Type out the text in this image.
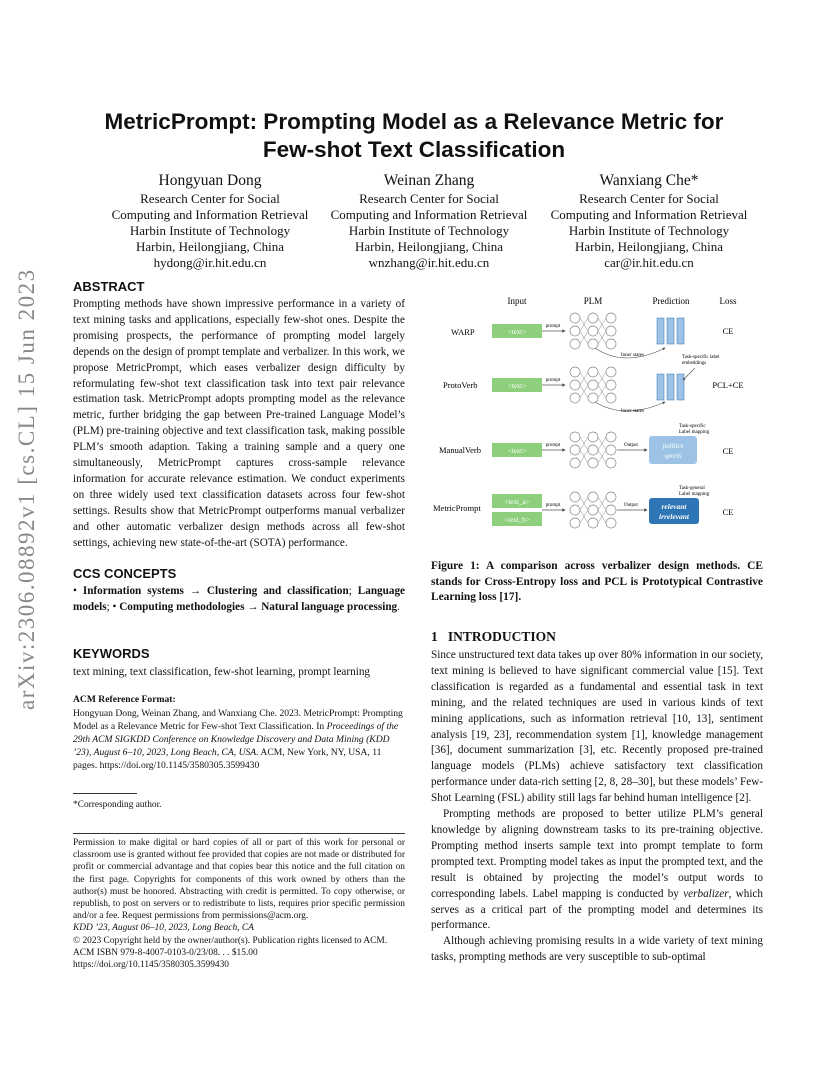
arXiv:2306.08892v1 [cs.CL] 15 Jun 2023
MetricPrompt: Prompting Model as a Relevance Metric for
Few-shot Text Classification
Hongyuan Dong
Research Center for Social
Computing and Information Retrieval
Harbin Institute of Technology
Harbin, Heilongjiang, China
hydong@ir.hit.edu.cn
Weinan Zhang
Research Center for Social
Computing and Information Retrieval
Harbin Institute of Technology
Harbin, Heilongjiang, China
wnzhang@ir.hit.edu.cn
Wanxiang Che*
Research Center for Social
Computing and Information Retrieval
Harbin Institute of Technology
Harbin, Heilongjiang, China
car@ir.hit.edu.cn
ABSTRACT
Prompting methods have shown impressive performance in a variety of text mining tasks and applications, especially few-shot ones. Despite the promising prospects, the performance of prompting model largely depends on the design of prompt template and verbalizer. In this work, we propose MetricPrompt, which eases verbalizer design difficulty by reformulating few-shot text classification task into text pair relevance estimation task. MetricPrompt adopts prompting model as the relevance metric, further bridging the gap between Pre-trained Language Model’s (PLM) pre-training objective and text classification task, making possible PLM’s smooth adaption. Taking a training sample and a query one simultaneously, MetricPrompt captures cross-sample relevance information for accurate relevance estimation. We conduct experiments on three widely used text classification datasets across four few-shot settings. Results show that MetricPrompt outperforms manual verbalizer and other automatic verbalizer design methods across all few-shot settings, achieving new state-of-the-art (SOTA) performance.
CCS CONCEPTS
• Information systems → Clustering and classification; Language models; • Computing methodologies → Natural language processing.
KEYWORDS
text mining, text classification, few-shot learning, prompt learning
ACM Reference Format:
Hongyuan Dong, Weinan Zhang, and Wanxiang Che. 2023. MetricPrompt: Prompting Model as a Relevance Metric for Few-shot Text Classification. In Proceedings of the 29th ACM SIGKDD Conference on Knowledge Discovery and Data Mining (KDD ’23), August 6–10, 2023, Long Beach, CA, USA. ACM, New York, NY, USA, 11 pages. https://doi.org/10.1145/3580305.3599430
*Corresponding author.
Permission to make digital or hard copies of all or part of this work for personal or classroom use is granted without fee provided that copies are not made or distributed for profit or commercial advantage and that copies bear this notice and the full citation on the first page. Copyrights for components of this work owned by others than the author(s) must be honored. Abstracting with credit is permitted. To copy otherwise, or republish, to post on servers or to redistribute to lists, requires prior specific permission and/or a fee. Request permissions from permissions@acm.org.
KDD ’23, August 06–10, 2023, Long Beach, CA
© 2023 Copyright held by the owner/author(s). Publication rights licensed to ACM.
ACM ISBN 979-8-4007-0103-0/23/08. . . $15.00
https://doi.org/10.1145/3580305.3599430
Input	PLM	Prediction	Loss
WARP	<text>
prompt
Inner states	Task-specific label
embeddings
CE
ProtoVerb	<text>
prompt
Inner states
PCL+CE
ManualVerb	<text>
prompt	Output	politics
sports
Task-specific
Label mapping
CE
MetricPrompt
<text_a>
<text_b>
prompt	Output	relevant
irrelevant
Task-general
Label mapping
CE
Figure 1: A comparison across verbalizer design methods. CE stands for Cross-Entropy loss and PCL is Prototypical Contrastive Learning loss [17].
1 INTRODUCTION

Since unstructured text data takes up over 80% information in our society, text mining is believed to have significant commercial value [15]. Text classification is regarded as a fundamental and essential task in text mining, and the related techniques are used in various kinds of text mining applications, such as information retrieval [10, 13], sentiment analysis [19, 23], recommendation system [1], knowledge management [36], document summarization [3], etc. Recently proposed pre-trained language models (PLMs) achieve satisfactory text classification performance under data-rich setting [2, 8, 28–30], but these models’ Few-Shot Learning (FSL) ability still lags far behind human intelligence [2].

Prompting methods are proposed to better utilize PLM’s general knowledge by aligning downstream tasks to its pre-training objective. Prompting method inserts sample text into prompt template to form prompted text. Prompting model takes as input the prompted text, and the result is obtained by projecting the model’s output words to corresponding labels. Label mapping is conducted by verbalizer, which serves as a critical part of the prompting model and determines its performance.

Although achieving promising results in a wide variety of text mining tasks, prompting methods are very susceptible to sub-optimal
